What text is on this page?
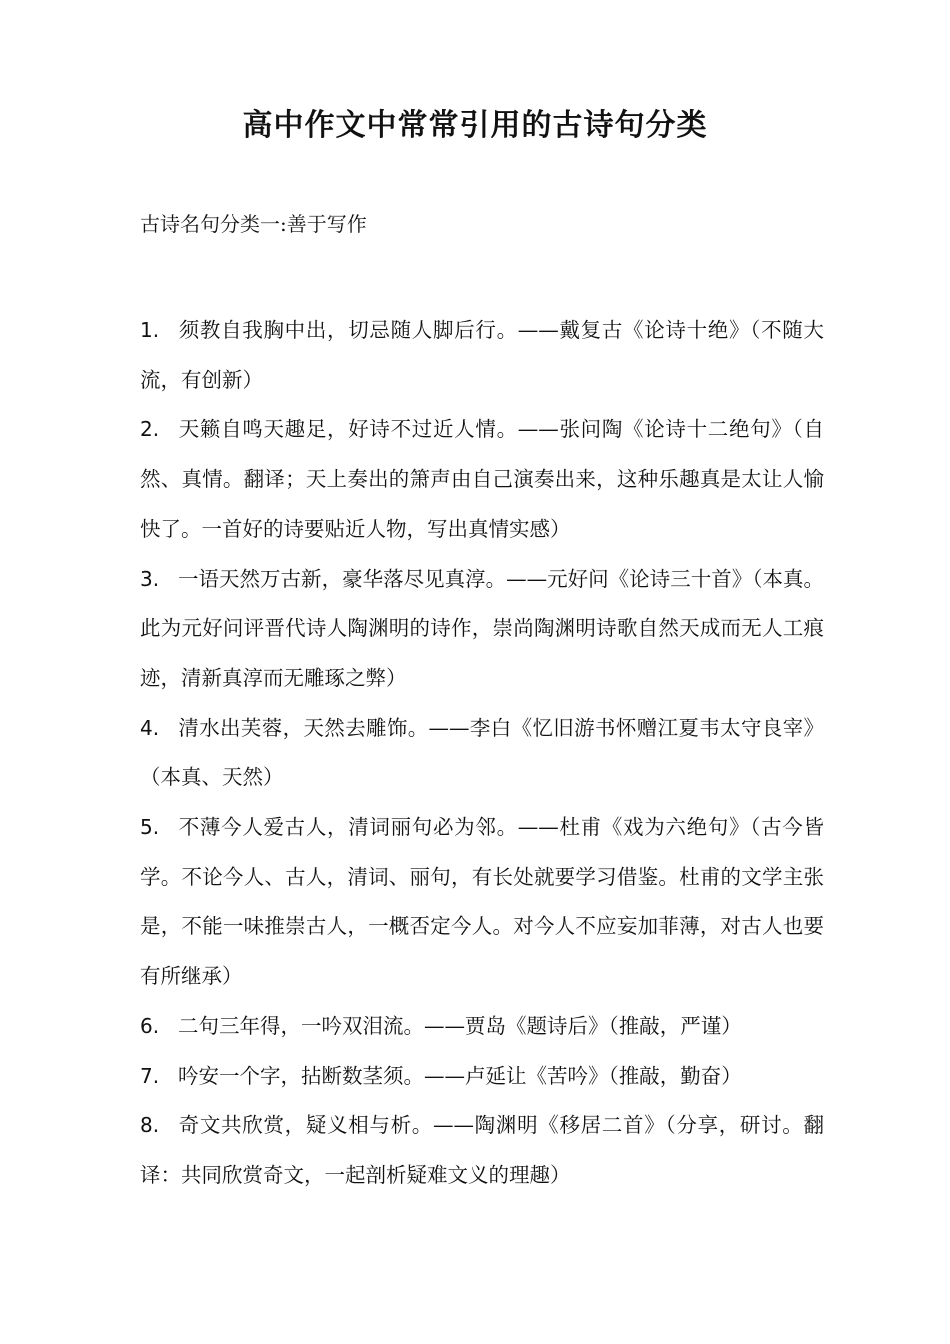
高中作文中常常引用的古诗句分类

古诗名句分类一:善于写作

1. 须教自我胸中出，切忌随人脚后行。——戴复古《论诗十绝》（不随大流，有创新）
2. 天籁自鸣天趣足，好诗不过近人情。——张问陶《论诗十二绝句》（自然、真情。翻译；天上奏出的箫声由自己演奏出来，这种乐趣真是太让人愉快了。一首好的诗要贴近人物，写出真情实感）
3. 一语天然万古新，豪华落尽见真淳。——元好问《论诗三十首》（本真。此为元好问评晋代诗人陶渊明的诗作，崇尚陶渊明诗歌自然天成而无人工痕迹，清新真淳而无雕琢之弊）
4. 清水出芙蓉，天然去雕饰。——李白《忆旧游书怀赠江夏韦太守良宰》（本真、天然）
5. 不薄今人爱古人，清词丽句必为邻。——杜甫《戏为六绝句》（古今皆学。不论今人、古人，清词、丽句，有长处就要学习借鉴。杜甫的文学主张是，不能一味推崇古人，一概否定今人。对今人不应妄加菲薄，对古人也要有所继承）
6. 二句三年得，一吟双泪流。——贾岛《题诗后》（推敲，严谨）
7. 吟安一个字，拈断数茎须。——卢延让《苦吟》（推敲，勤奋）
8. 奇文共欣赏，疑义相与析。——陶渊明《移居二首》（分享，研讨。翻译：共同欣赏奇文，一起剖析疑难文义的理趣）
